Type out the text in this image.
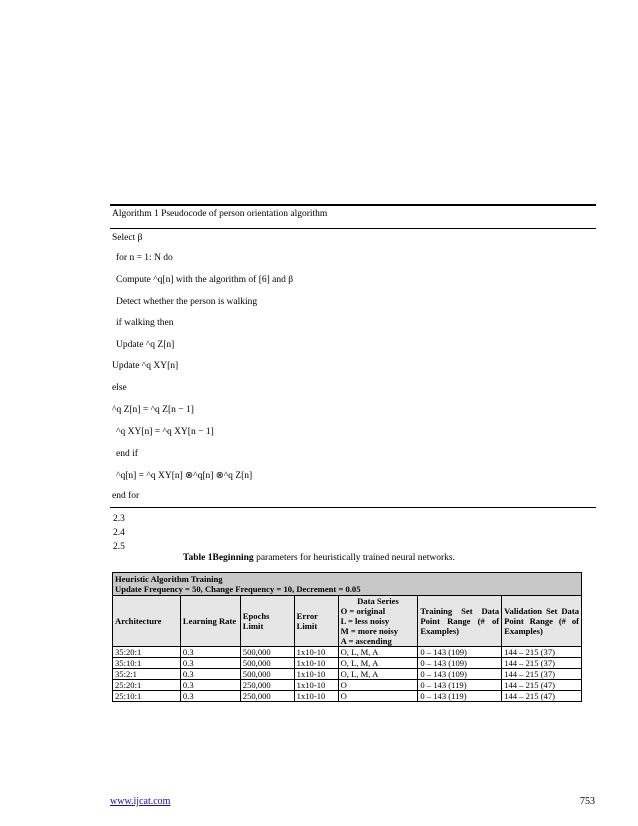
Algorithm 1 Pseudocode of person orientation algorithm
Select β
for n = 1: N do
Compute ^q[n] with the algorithm of [6] and β
Detect whether the person is walking
if walking then
Update ^q Z[n]
Update ^q XY[n]
else
^q Z[n] = ^q Z[n − 1]
^q XY[n] = ^q XY[n − 1]
end if
^q[n] = ^q XY[n] ⊗^q[n] ⊗^q Z[n]
end for
2.3
2.4
2.5
Table 1Beginning parameters for heuristically trained neural networks.
Heuristic Algorithm Training
Update Frequency = 50, Change Frequency = 10, Decrement = 0.05						

Architecture	Learning Rate	Epochs Limit	Error Limit	Data Series
O = original
L = less noisy
M = more noisy
A = ascending	Training Set Data Point Range (# of Examples)	Validation Set Data Point Range (# of Examples)
35:20:1	0.3	500,000	1x10-10	O, L, M, A	0 – 143 (109)	144 – 215 (37)
35:10:1	0.3	500,000	1x10-10	O, L, M, A	0 – 143 (109)	144 – 215 (37)
35:2:1	0.3	500,000	1x10-10	O, L, M, A	0 – 143 (109)	144 – 215 (37)
25:20:1	0.3	250,000	1x10-10	O	0 – 143 (119)	144 – 215 (47)
25:10:1	0.3	250,000	1x10-10	O	0 – 143 (119)	144 – 215 (47)
www.ijcat.com	753
